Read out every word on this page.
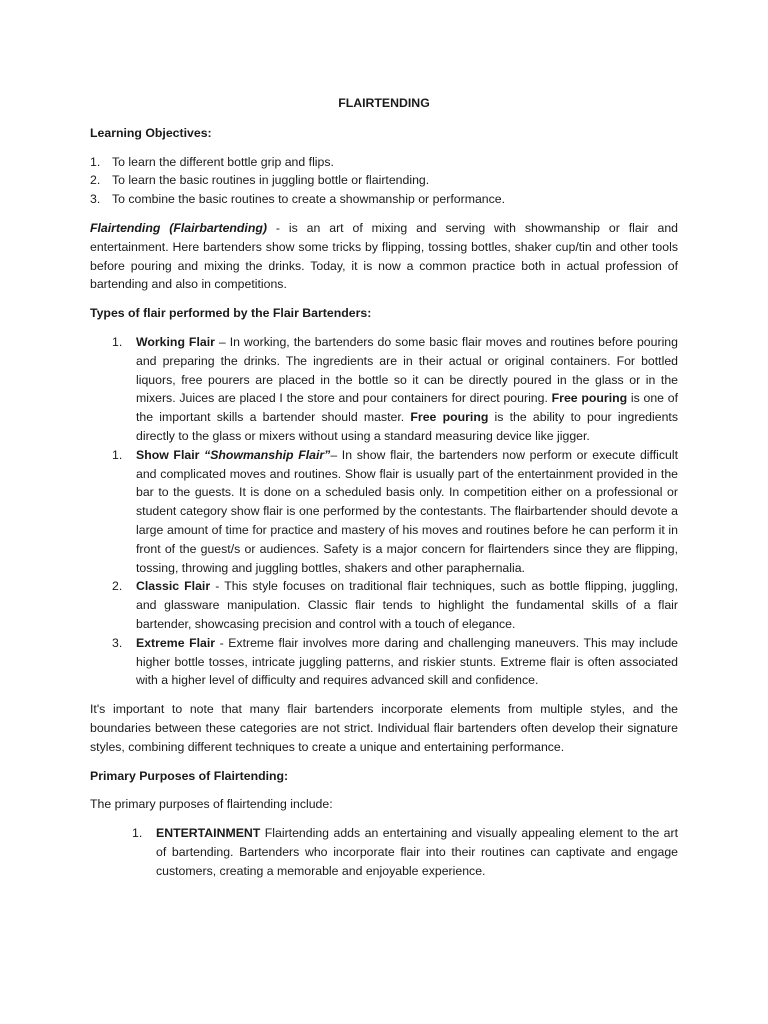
FLAIRTENDING
Learning Objectives:
1. To learn the different bottle grip and flips.
2. To learn the basic routines in juggling bottle or flairtending.
3. To combine the basic routines to create a showmanship or performance.

Flairtending (Flairbartending) - is an art of mixing and serving with showmanship or flair and entertainment. Here bartenders show some tricks by flipping, tossing bottles, shaker cup/tin and other tools before pouring and mixing the drinks. Today, it is now a common practice both in actual profession of bartending and also in competitions.

Types of flair performed by the Flair Bartenders:
1. Working Flair – In working, the bartenders do some basic flair moves and routines before pouring and preparing the drinks. The ingredients are in their actual or original containers. For bottled liquors, free pourers are placed in the bottle so it can be directly poured in the glass or in the mixers. Juices are placed I the store and pour containers for direct pouring. Free pouring is one of the important skills a bartender should master. Free pouring is the ability to pour ingredients directly to the glass or mixers without using a standard measuring device like jigger.
1. Show Flair “Showmanship Flair”– In show flair, the bartenders now perform or execute difficult and complicated moves and routines. Show flair is usually part of the entertainment provided in the bar to the guests. It is done on a scheduled basis only. In competition either on a professional or student category show flair is one performed by the contestants. The flairbartender should devote a large amount of time for practice and mastery of his moves and routines before he can perform it in front of the guest/s or audiences. Safety is a major concern for flairtenders since they are flipping, tossing, throwing and juggling bottles, shakers and other paraphernalia.
2. Classic Flair - This style focuses on traditional flair techniques, such as bottle flipping, juggling, and glassware manipulation. Classic flair tends to highlight the fundamental skills of a flair bartender, showcasing precision and control with a touch of elegance.
3. Extreme Flair - Extreme flair involves more daring and challenging maneuvers. This may include higher bottle tosses, intricate juggling patterns, and riskier stunts. Extreme flair is often associated with a higher level of difficulty and requires advanced skill and confidence.

It's important to note that many flair bartenders incorporate elements from multiple styles, and the boundaries between these categories are not strict. Individual flair bartenders often develop their signature styles, combining different techniques to create a unique and entertaining performance.

Primary Purposes of Flairtending:

The primary purposes of flairtending include:

1. ENTERTAINMENT Flairtending adds an entertaining and visually appealing element to the art of bartending. Bartenders who incorporate flair into their routines can captivate and engage customers, creating a memorable and enjoyable experience.
